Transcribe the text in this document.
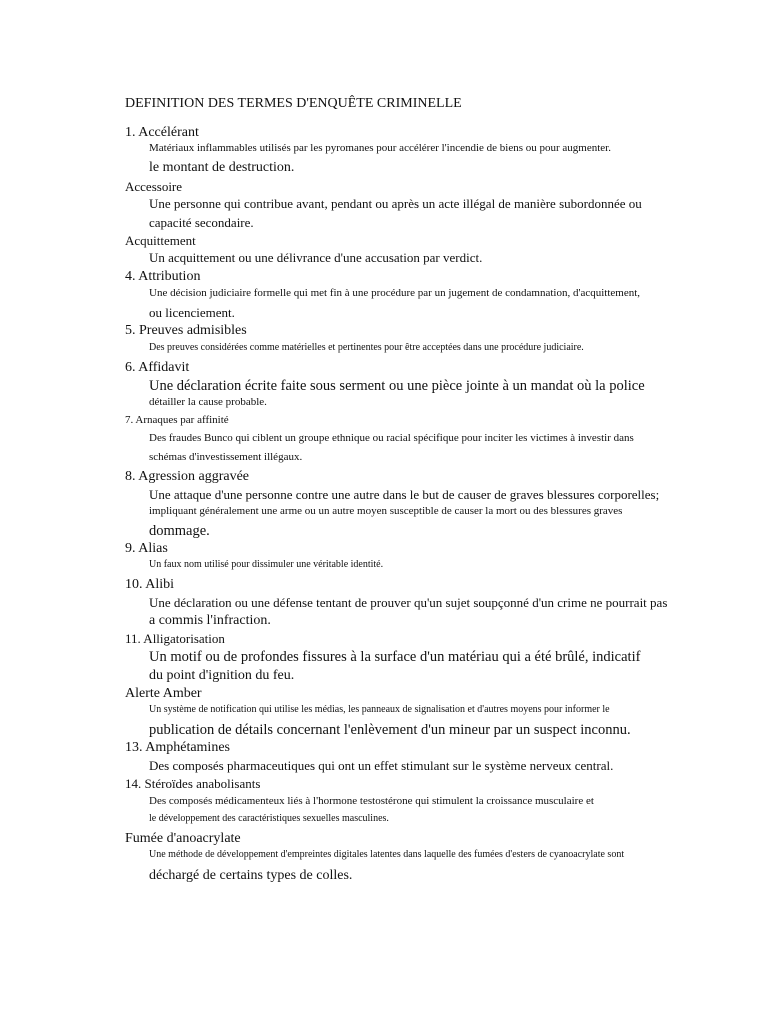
DEFINITION DES TERMES D'ENQUÊTE CRIMINELLE
1. Accélérant
Matériaux inflammables utilisés par les pyromanes pour accélérer l'incendie de biens ou pour augmenter.
le montant de destruction.
Accessoire
Une personne qui contribue avant, pendant ou après un acte illégal de manière subordonnée ou
capacité secondaire.
Acquittement
Un acquittement ou une délivrance d'une accusation par verdict.
4. Attribution
Une décision judiciaire formelle qui met fin à une procédure par un jugement de condamnation, d'acquittement,
ou licenciement.
5. Preuves admisibles
Des preuves considérées comme matérielles et pertinentes pour être acceptées dans une procédure judiciaire.
6. Affidavit
Une déclaration écrite faite sous serment ou une pièce jointe à un mandat où la police
détailler la cause probable.
7. Arnaques par affinité
Des fraudes Bunco qui ciblent un groupe ethnique ou racial spécifique pour inciter les victimes à investir dans
schémas d'investissement illégaux.
8. Agression aggravée
Une attaque d'une personne contre une autre dans le but de causer de graves blessures corporelles;
impliquant généralement une arme ou un autre moyen susceptible de causer la mort ou des blessures graves
dommage.
9. Alias
Un faux nom utilisé pour dissimuler une véritable identité.
10. Alibi
Une déclaration ou une défense tentant de prouver qu'un sujet soupçonné d'un crime ne pourrait pas
a commis l'infraction.
11. Alligatorisation
Un motif ou de profondes fissures à la surface d'un matériau qui a été brûlé, indicatif
du point d'ignition du feu.
Alerte Amber
Un système de notification qui utilise les médias, les panneaux de signalisation et d'autres moyens pour informer le
publication de détails concernant l'enlèvement d'un mineur par un suspect inconnu.
13. Amphétamines
Des composés pharmaceutiques qui ont un effet stimulant sur le système nerveux central.
14. Stéroïdes anabolisants
Des composés médicamenteux liés à l'hormone testostérone qui stimulent la croissance musculaire et
le développement des caractéristiques sexuelles masculines.
Fumée d'anoacrylate
Une méthode de développement d'empreintes digitales latentes dans laquelle des fumées d'esters de cyanoacrylate sont
déchargé de certains types de colles.
